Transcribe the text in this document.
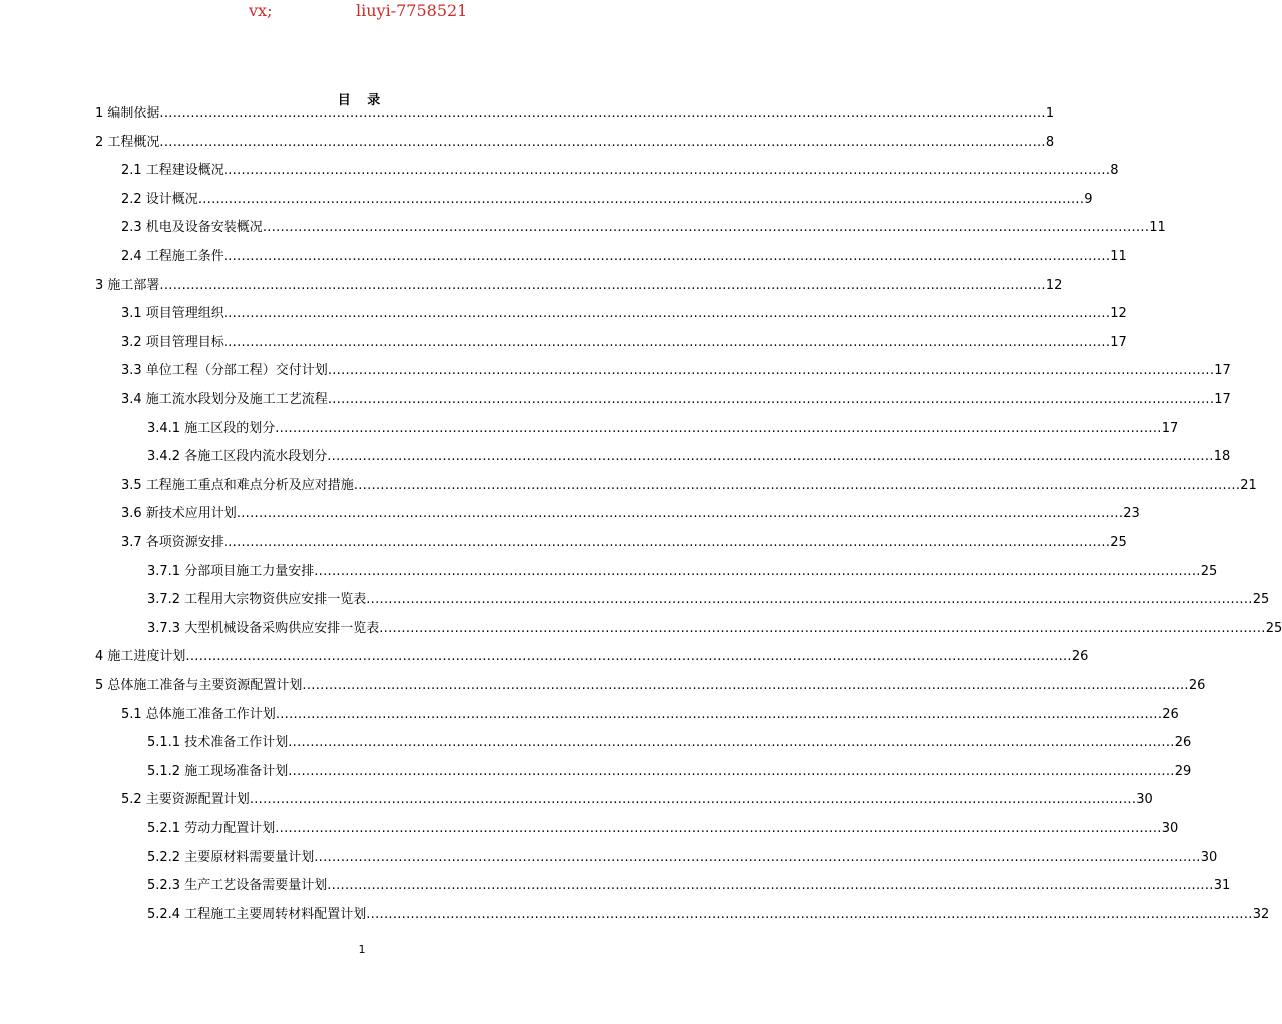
vx;

	liuyi-7758521

目 录
1 编制依据 ........................................................................................................................................................................................................ 1
2 工程概况 ........................................................................................................................................................................................................ 8
2.1 工程建设概况 ........................................................................................................................................................................................................ 8
2.2 设计概况 ........................................................................................................................................................................................................ 9
2.3 机电及设备安装概况 ........................................................................................................................................................................................................ 11
2.4 工程施工条件 ........................................................................................................................................................................................................ 11
3 施工部署 ........................................................................................................................................................................................................ 12
3.1 项目管理组织 ........................................................................................................................................................................................................ 12
3.2 项目管理目标 ........................................................................................................................................................................................................ 17
3.3 单位工程（分部工程）交付计划 ........................................................................................................................................................................................................ 17
3.4 施工流水段划分及施工工艺流程 ........................................................................................................................................................................................................ 17
3.4.1 施工区段的划分 ........................................................................................................................................................................................................ 17
3.4.2 各施工区段内流水段划分 ........................................................................................................................................................................................................ 18
3.5 工程施工重点和难点分析及应对措施 ........................................................................................................................................................................................................ 21
3.6 新技术应用计划 ........................................................................................................................................................................................................ 23
3.7 各项资源安排 ........................................................................................................................................................................................................ 25
3.7.1 分部项目施工力量安排 ........................................................................................................................................................................................................ 25
3.7.2 工程用大宗物资供应安排一览表 ........................................................................................................................................................................................................ 25
3.7.3 大型机械设备采购供应安排一览表 ........................................................................................................................................................................................................ 25
4 施工进度计划 ........................................................................................................................................................................................................ 26
5 总体施工准备与主要资源配置计划 ........................................................................................................................................................................................................ 26
5.1 总体施工准备工作计划 ........................................................................................................................................................................................................ 26
5.1.1 技术准备工作计划 ........................................................................................................................................................................................................ 26
5.1.2 施工现场准备计划 ........................................................................................................................................................................................................ 29
5.2 主要资源配置计划 ........................................................................................................................................................................................................ 30
5.2.1 劳动力配置计划 ........................................................................................................................................................................................................ 30
5.2.2 主要原材料需要量计划 ........................................................................................................................................................................................................ 30
5.2.3 生产工艺设备需要量计划 ........................................................................................................................................................................................................ 31
5.2.4 工程施工主要周转材料配置计划 ........................................................................................................................................................................................................ 32
1
